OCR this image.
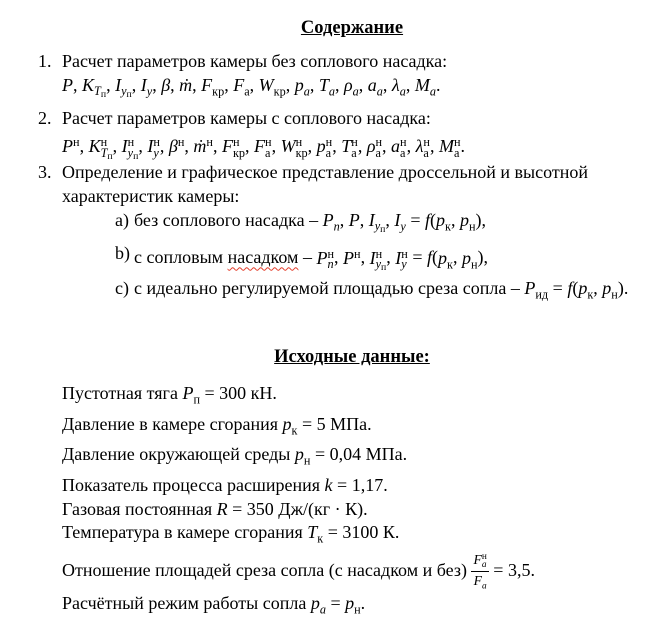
Содержание
1. Расчет параметров камеры без соплового насадка:
P, $K_{Tп}$, $I_{уп}$, $I_у$, β, ṁ, $F_{кр}$, $F_а$, $W_{кр}$, $p_a$, $T_a$, $\rho_a$, $a_a$, $\lambda_a$, $M_a$.
2. Расчет параметров камеры с соплового насадка:
$P^н$, K н
Tп
, I н
уп
, I н
у , $\beta^н$, ṁ$^н$, F н
кр , F н
а , W н
кр , p н
а , T н
а , ρ н
а , a н
а , λ н
а , M н
а .
3. Определение и графическое представление дроссельной и высотной
характеристик камеры:
a) без соплового насадка – $P_п$, P, $I_{уп}$, $I_у = f(p_к$, $p_н$),
b) с сопловым насадком – P н
п , $P^н$, I н
уп
, I н
$у = f(p_к$, $p_н$),
c) с идеально регулируемой площадью среза сопла – $P_{ид} = f(p_к$, $p_н$).
Исходные данные:
Пустотная тяга $P_п = 300$ кН.
Давление в камере сгорания $p_к = 5$ МПа.
Давление окружающей среды $p_н = 0,04$ МПа.
Показатель процесса расширения k = 1,17.
Газовая постоянная R = 350 Дж/(кг · К).
Температура в камере сгорания $T_к = 3100$ К.
Отношение площадей среза сопла (с насадком и без) F н
a
$F_a = 3,5$.
Расчётный режим работы сопла $p_a = p_н$.
